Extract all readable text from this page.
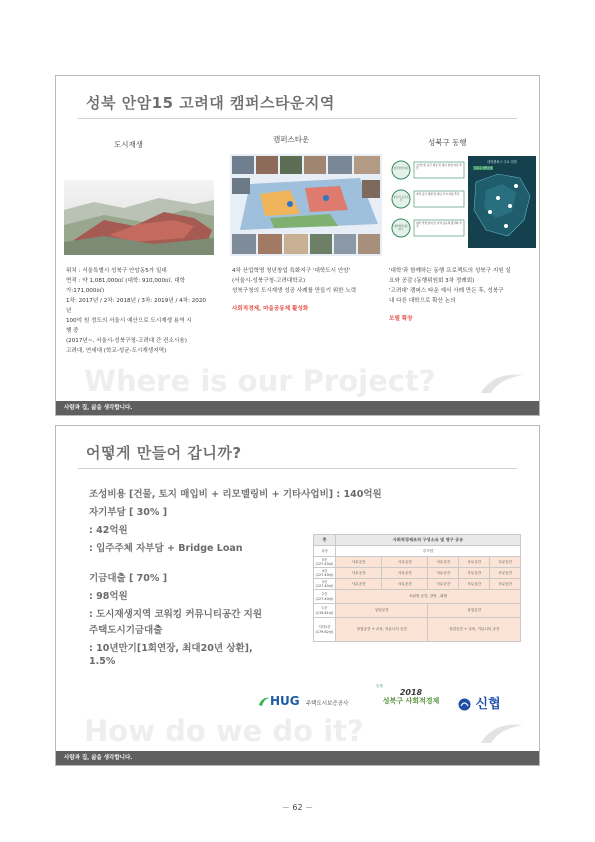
성북 안암15 고려대 캠퍼스타운지역
Where is our Project?
도시재생
위치 : 서울특별시 성북구 안암동5가 일대
면적 : 약 1,081,000㎡ (대학: 910,000㎡, 대학
가:171,000㎡)
1차: 2017년 / 2차: 2018년 / 3차: 2019년 / 4차: 2020
년
100억 원 정도의 서울시 예산으로 도시재생 용역 시
행 중
(2017년~, 서울시-성북구청-고려대 간 컨소시움)
고려대, 연세대 (학교-성균-도시재생지역)
캠퍼스타운
4차 산업혁명 청년창업 특화지구 '대학도시 안암'
(서울시-성북구청-고려대학교)
성북구청의 도시재생 성공 사례를 만들기 위한 노력
사회적경제, 마을공동체 활성화
성북구 동행
청년창업지원
창조적 공간조성
대학협력네트워크
스타트업 공간 제공 및 청년 창업 지원 추진
지역 공간 재생 및 청년 주거 지원 추진
대학 학생 참여 및 지역 공동체 활성화 추진
대학캠퍼스 주요 현장
성북구 대학소개
'대학'과 함께하는 동행 프로젝트의 성북구 지원 실
요와 공감 (동행위원회 3차 정례회)
'고려대' 캠퍼스 타운 예서 사례 만든 후, 성북구
내 다른 대학으로 확산 논의
모델 확장
사람과 집, 삶을 생각합니다.
어떻게 만들어 갑니까?
How do we do it?
조성비용 [건물, 토지 매입비 + 리모델링비 + 기타사업비] : 140억원
자기부담 [ 30% ]
: 42억원
: 입주주체 자부담 + Bridge Loan
기금대출 [ 70% ]
: 98억원
: 도시재생지역 코워킹 커뮤니티공간 지원
주택도시기금대출
: 10년만기[1회연장, 최대20년 상환],
1.5%
층	사회적경제조직 구성소유 및 영구 공유				
옥상	루프탑				
5층
(127.40㎡)	사무공간	사무공간	사무공간	사무공간	사무공간
4층
(127.40㎡)	사무공간	사무공간	사무공간	사무공간	사무공간
3층
(127.40㎡)	사무공간	사무공간	사무공간	사무공간	사무공간
2층
(127.40㎡)	코워킹 공간, 강당 , 회합				
1층
(119.61㎡)	상업공간		상업공간		
지하1층
(179.62㎡)	상업공간 + 교육, 커뮤니티 공간		상업공간 + 교육, 커뮤니티 공간		
HUG 주택도시보증공사
동행
2018
성북구 사회적경제	신협
사람과 집, 삶을 생각합니다.
－ 62 －
